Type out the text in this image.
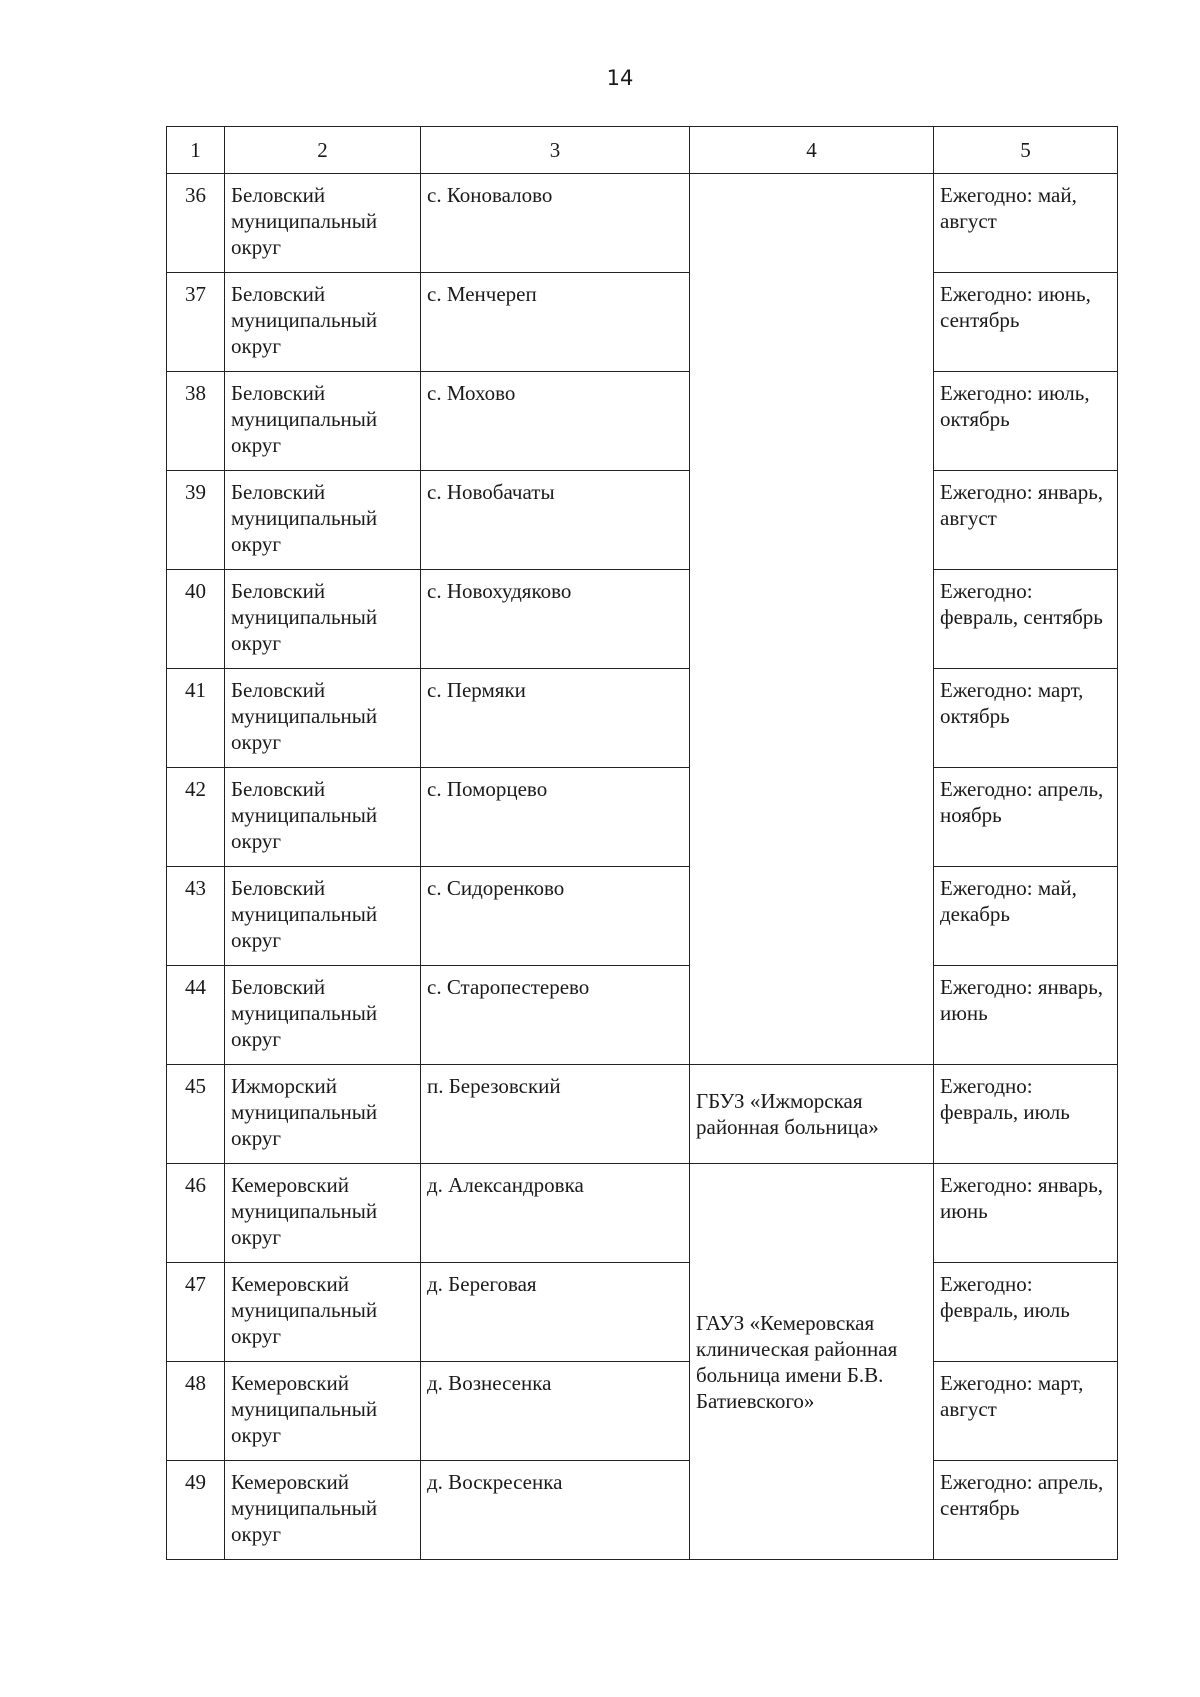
14
1	2	3	4	5
36	Беловский муниципальный округ	с. Коновалово		Ежегодно: май, август
37	Беловский муниципальный округ	с. Менчереп		Ежегодно: июнь, сентябрь
38	Беловский муниципальный округ	с. Мохово		Ежегодно: июль, октябрь
39	Беловский муниципальный округ	с. Новобачаты		Ежегодно: январь, август
40	Беловский муниципальный округ	с. Новохудяково		Ежегодно: февраль, сентябрь
41	Беловский муниципальный округ	с. Пермяки		Ежегодно: март, октябрь
42	Беловский муниципальный округ	с. Поморцево		Ежегодно: апрель, ноябрь
43	Беловский муниципальный округ	с. Сидоренково		Ежегодно: май, декабрь
44	Беловский муниципальный округ	с. Старопестерево		Ежегодно: январь, июнь
45	Ижморский муниципальный округ	п. Березовский	ГБУЗ «Ижморская районная больница»	Ежегодно: февраль, июль
46	Кемеровский муниципальный округ	д. Александровка	ГАУЗ «Кемеровская клиническая районная больница имени Б.В. Батиевского»	Ежегодно: январь, июнь
47	Кемеровский муниципальный округ	д. Береговая		Ежегодно: февраль, июль
48	Кемеровский муниципальный округ	д. Вознесенка		Ежегодно: март, август
49	Кемеровский муниципальный округ	д. Воскресенка		Ежегодно: апрель, сентябрь
